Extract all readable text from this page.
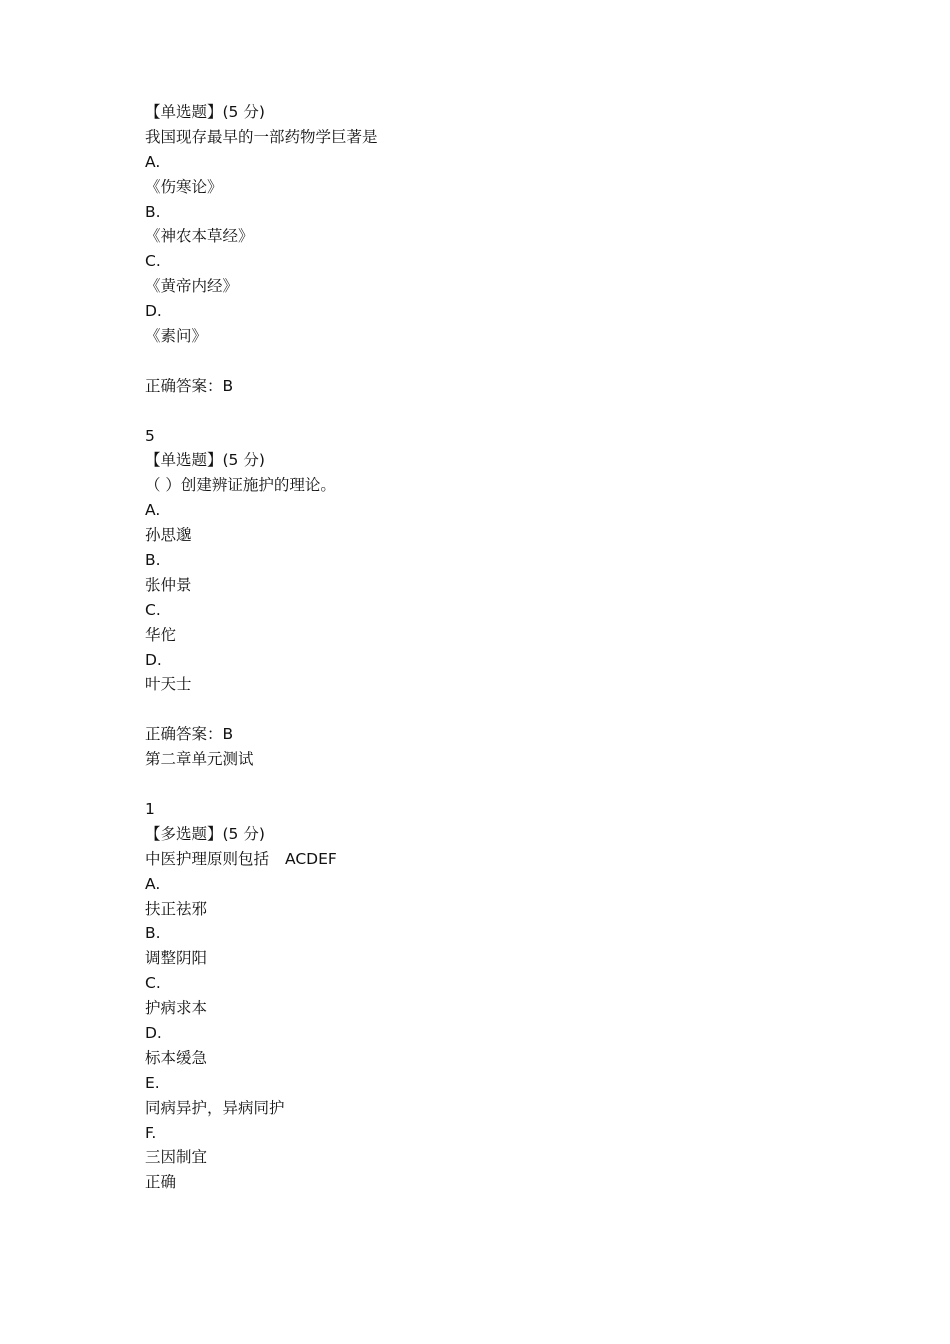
【单选题】(5 分)
我国现存最早的一部药物学巨著是
A.
《伤寒论》
B.
《神农本草经》
C.
《黄帝内经》
D.
《素问》
正确答案：B
5
【单选题】(5 分)
（ ）创建辨证施护的理论。
A.
孙思邈
B.
张仲景
C.
华佗
D.
叶天士
正确答案：B
第二章单元测试
1
【多选题】(5 分)
中医护理原则包括 ACDEF
A.
扶正祛邪
B.
调整阴阳
C.
护病求本
D.
标本缓急
E.
同病异护，异病同护
F.
三因制宜
正确
